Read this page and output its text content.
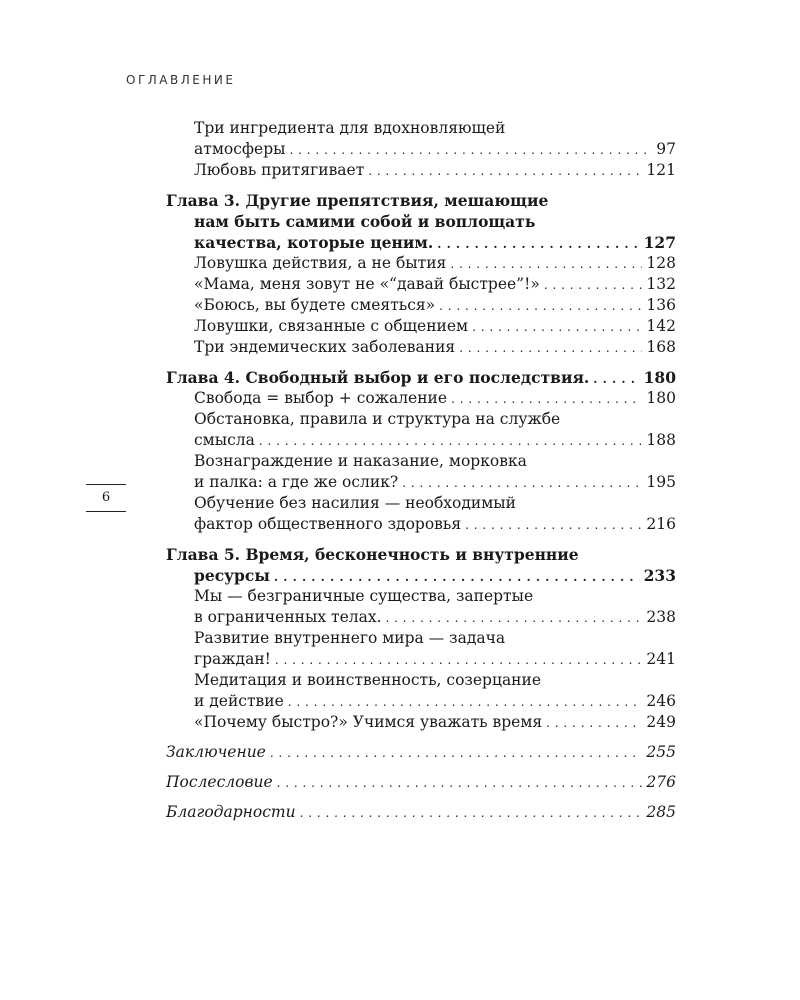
ОГЛАВЛЕНИЕ
6
Три ингредиента для вдохновляющей
атмосферы . . .	97
Любовь притягивает . . .	121
Глава 3. Другие препятствия, мешающие
нам быть самими собой и воплощать
качества, которые ценим. . . .	127
Ловушка действия, а не бытия . . .	128
«Мама, меня зовут не «“давай быстрее”!» . . .	132
«Боюсь, вы будете смеяться» . . .	136
Ловушки, связанные с общением . . .	142
Три эндемических заболевания . . .	168
Глава 4. Свободный выбор и его последствия. . . .	180
Свобода = выбор + сожаление . . .	180
Обстановка, правила и структура на службе
смысла . . .	188
Вознаграждение и наказание, морковка
и палка: а где же ослик? . . .	195
Обучение без насилия — необходимый
фактор общественного здоровья . . .	216
Глава 5. Время, бесконечность и внутренние
ресурсы . . .	233
Мы — безграничные существа, запертые
в ограниченных телах. . . .	238
Развитие внутреннего мира — задача
граждан! . . .	241
Медитация и воинственность, созерцание
и действие . . .	246
«Почему быстро?» Учимся уважать время . . .	249
Заключение . . .	255
Послесловие . . .	276
Благодарности . . .	285
